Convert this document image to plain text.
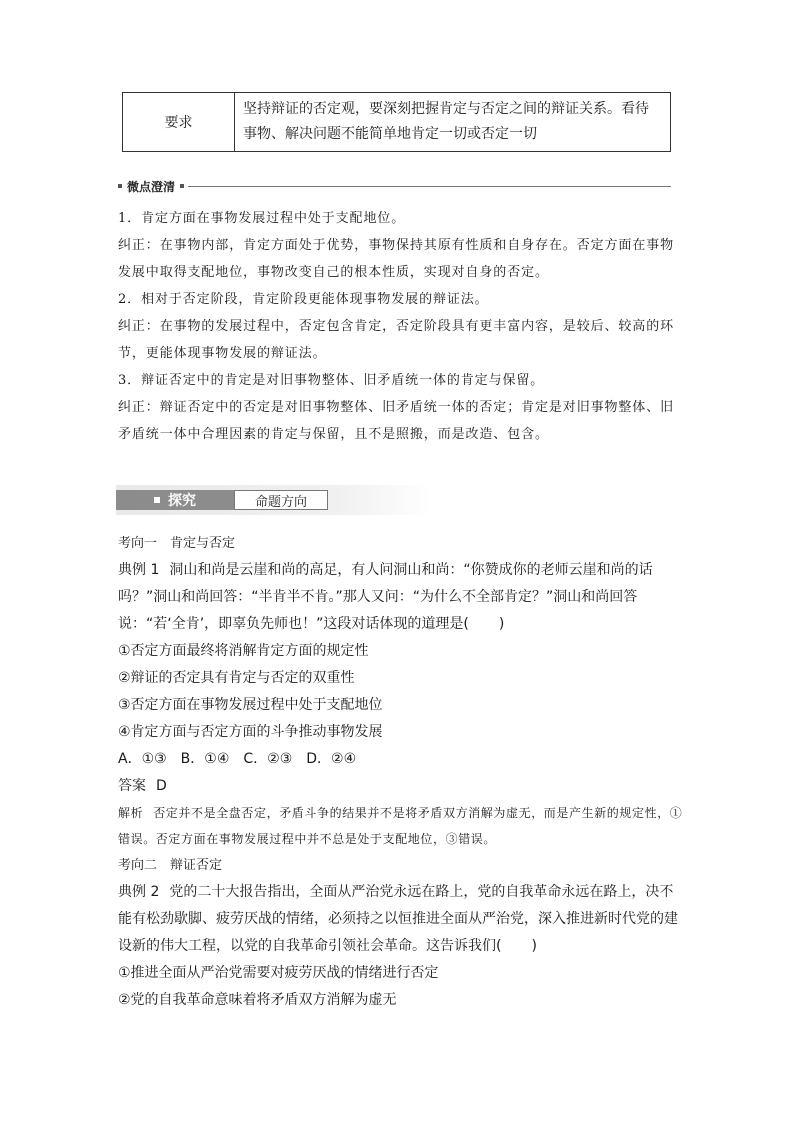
要求	坚持辩证的否定观，要深刻把握肯定与否定之间的辩证关系。看待事物、解决问题不能简单地肯定一切或否定一切
微点澄清

1．肯定方面在事物发展过程中处于支配地位。

纠正：在事物内部，肯定方面处于优势，事物保持其原有性质和自身存在。否定方面在事物发展中取得支配地位，事物改变自己的根本性质，实现对自身的否定。

2．相对于否定阶段，肯定阶段更能体现事物发展的辩证法。

纠正：在事物的发展过程中，否定包含肯定，否定阶段具有更丰富内容，是较后、较高的环节，更能体现事物发展的辩证法。

3．辩证否定中的肯定是对旧事物整体、旧矛盾统一体的肯定与保留。

纠正：辩证否定中的否定是对旧事物整体、旧矛盾统一体的否定；肯定是对旧事物整体、旧矛盾统一体中合理因素的肯定与保留，且不是照搬，而是改造、包含。

探究	命题方向

考向一　肯定与否定

典例 1 洞山和尚是云崖和尚的高足，有人问洞山和尚：“你赞成你的老师云崖和尚的话吗？”洞山和尚回答：“半肯半不肯。”那人又问：“为什么不全部肯定？”洞山和尚回答说：“若‘全肯’，即辜负先师也！”这段对话体现的道理是( )

①否定方面最终将消解肯定方面的规定性

②辩证的否定具有肯定与否定的双重性

③否定方面在事物发展过程中处于支配地位

④肯定方面与否定方面的斗争推动事物发展

A．①③　B．①④　C．②③　D．②④

答案 D

解析 否定并不是全盘否定，矛盾斗争的结果并不是将矛盾双方消解为虚无，而是产生新的规定性，①错误。否定方面在事物发展过程中并不总是处于支配地位，③错误。

考向二　辩证否定

典例 2 党的二十大报告指出，全面从严治党永远在路上，党的自我革命永远在路上，决不能有松劲歇脚、疲劳厌战的情绪，必须持之以恒推进全面从严治党，深入推进新时代党的建设新的伟大工程，以党的自我革命引领社会革命。这告诉我们( )

①推进全面从严治党需要对疲劳厌战的情绪进行否定

②党的自我革命意味着将矛盾双方消解为虚无
